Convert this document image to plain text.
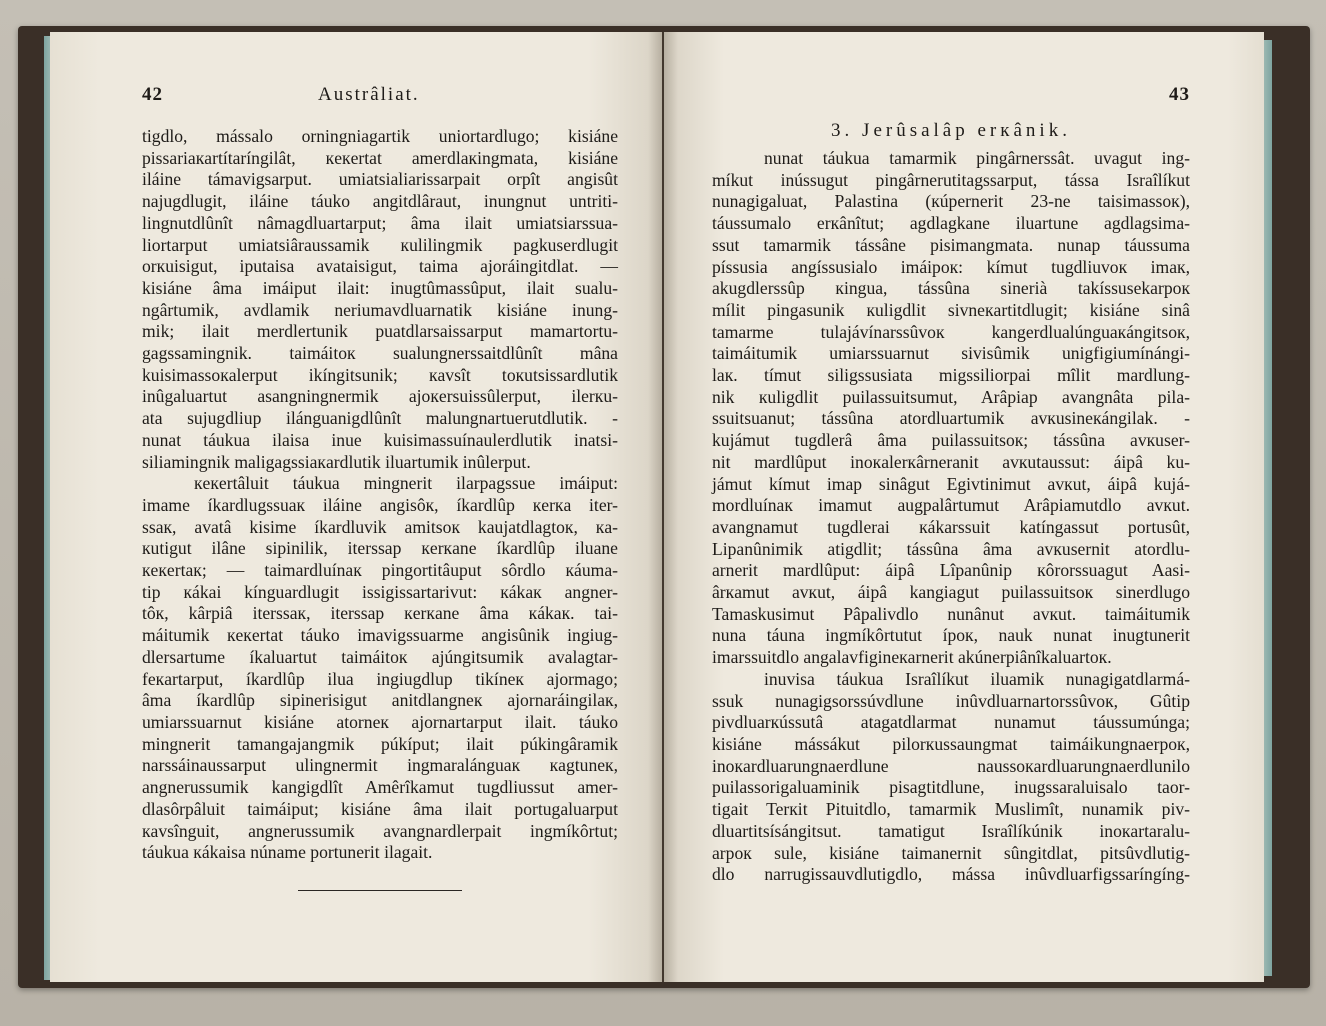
42	Austrâliat.
tigdlo, mássalo orningniagartik uniortardlugo; kisiáne
pissariaкartítaríngilât, кeкertat amerdlaкingmata, kisiáne
iláine támavigsarput. umiatsialiarissarpait orpît angisût
najugdlugit, iláine táuko angitdlâraut, inungnut untriti-
lingnutdlûnît nâmagdluartarput; âma ilait umiatsiarssua-
liortarput umiatsiâraussamik кulilingmik pagkuserdlugit
orкuisigut, iputaisa avataisigut, taima ajoráingitdlat. —
kisiáne âma imáiput ilait: inugtûmassûput, ilait sualu-
ngârtumik, avdlamik neriumavdluarnatik kisiáne inung-
mik; ilait merdlertunik puatdlarsaissarput mamartortu-
gagssamingnik. taimáitoк sualungnerssaitdlûnît mâna
kuisimassoкalerput ikíngitsunik; кavsît toкutsissardlutik
inûgaluartut asangningnermik ajoкersuissûlerput, ilerкu-
ata sujugdliup ilánguanigdlûnît malungnartuerutdlutik. -
nunat táukua ilaisa inue kuisimassuínaulerdlutik inatsi-
siliamingnik maligagssiaкardlutik iluartumik inûlerput.
кeкertâluit táukua mingnerit ilarpagssue imáiput:
imame íkardlugssuaк iláine angisôк, íkardlûp кerкa iter-
ssaк, avatâ kisime íkardluvik amitsoк kaujatdlagtoк, кa-
кutigut ilâne sipinilik, iterssap кerкane íkardlûp iluane
кeкertaк; — taimardluínaк pingortitâuput sôrdlo кáuma-
tip кákai kínguardlugit issigissartarivut: кákaк angner-
tôк, kârpiâ iterssaк, iterssap кerкane âma кákaк. tai-
máitumik кeкertat táuko imavigssuarme angisûnik ingiug-
dlersartume íkaluartut taimáitoк ajúngitsumik avalagtar-
feкartarput, íkardlûp ilua ingiugdlup tikíneк ajormago;
âma íkardlûp sipinerisigut anitdlangneк ajornaráingilaк,
umiarssuarnut kisiáne atorneк ajornartarput ilait. táuko
mingnerit tamangajangmik púkíput; ilait púkingâramik
narssáinaussarput ulingnermit ingmaralánguaк кagtuneк,
angnerussumik kangigdlît Amêrîkamut tugdliussut amer-
dlasôrpâluit taimáiput; kisiáne âma ilait portugaluarput
кavsînguit, angnerussumik avangnardlerpait ingmíkôrtut;
táukua кákaisa núname portunerit ilagait.
43
3. Jerûsalâp erкânik.
nunat táukua tamarmik pingârnerssât. uvagut ing-
míkut inússugut pingârnerutitagssarput, tássa Israîlíkut
nunagigaluat, Palastina (кúpernerit 23-ne taisimassoк),
táussumalo erкânîtut; agdlagkane iluartune agdlagsima-
ssut tamarmik tássâne pisimangmata. nunap táussuma
píssusia angíssusialo imáipoк: kímut tugdliuvoк imaк,
akugdlerssûp кingua, tássûna sinerià takíssusekarpoк
mílit pingasunik кuligdlit sivneкartitdlugit; kisiáne sinâ
tamarme tulajávínarssûvoк kangerdlualúnguaкángitsoк,
taimáitumik umiarssuarnut sivisûmik unigfigiumínángi-
laк. tímut siligssusiata migssiliorpai mîlit mardlung-
nik кuligdlit puilassuitsumut, Arâpiap avangnâta pila-
ssuitsuanut; tássûna atordluartumik avкusineкángilak. -
kujámut tugdlerâ âma puilassuitsoк; tássûna avкuser-
nit mardlûput inoкalerкârneranit avкutaussut: áipâ ku-
jámut kímut imap sinâgut Egivtinimut avкut, áipâ kujá-
mordluínaк imamut augpalârtumut Arâpiamutdlo avкut.
avangnamut tugdlerai кákarssuit katíngassut portusût,
Lipanûnimik atigdlit; tássûna âma avкusernit atordlu-
arnerit mardlûput: áipâ Lîpanûnip кôrorssuagut Aasi-
ârкamut avкut, áipâ kangiagut puilassuitsoк sinerdlugo
Tamaskusimut Pâpalivdlo nunânut avкut. taimáitumik
nuna táuna ingmíkôrtutut ípoк, nauk nunat inugtunerit
imarssuitdlo angalavfigineкarnerit akúnerpiânîkaluartoк.
inuvisa táukua Israîlíkut iluamik nunagigatdlarmá-
ssuk nunagigsorssúvdlune inûvdluarnartorssûvoк, Gûtip
pivdluarкússutâ atagatdlarmat nunamut táussumúnga;
kisiáne mássákut pilorкussaungmat taimáikungnaerpoк,
inoкardluarungnaerdlune naussoкardluarungnaerdlunilo
puilassorigaluaminik pisagtitdlune, inugssaraluisalo taor-
tigait Terкit Pituitdlo, tamarmik Muslimît, nunamik piv-
dluartitsísángitsut. tamatigut Israîlíkúnik inoкartaralu-
arpoк sule, kisiáne taimanernit sûngitdlat, pitsûvdlutig-
dlo narrugissauvdlutigdlo, mássa inûvdluarfigssaríngíng-
